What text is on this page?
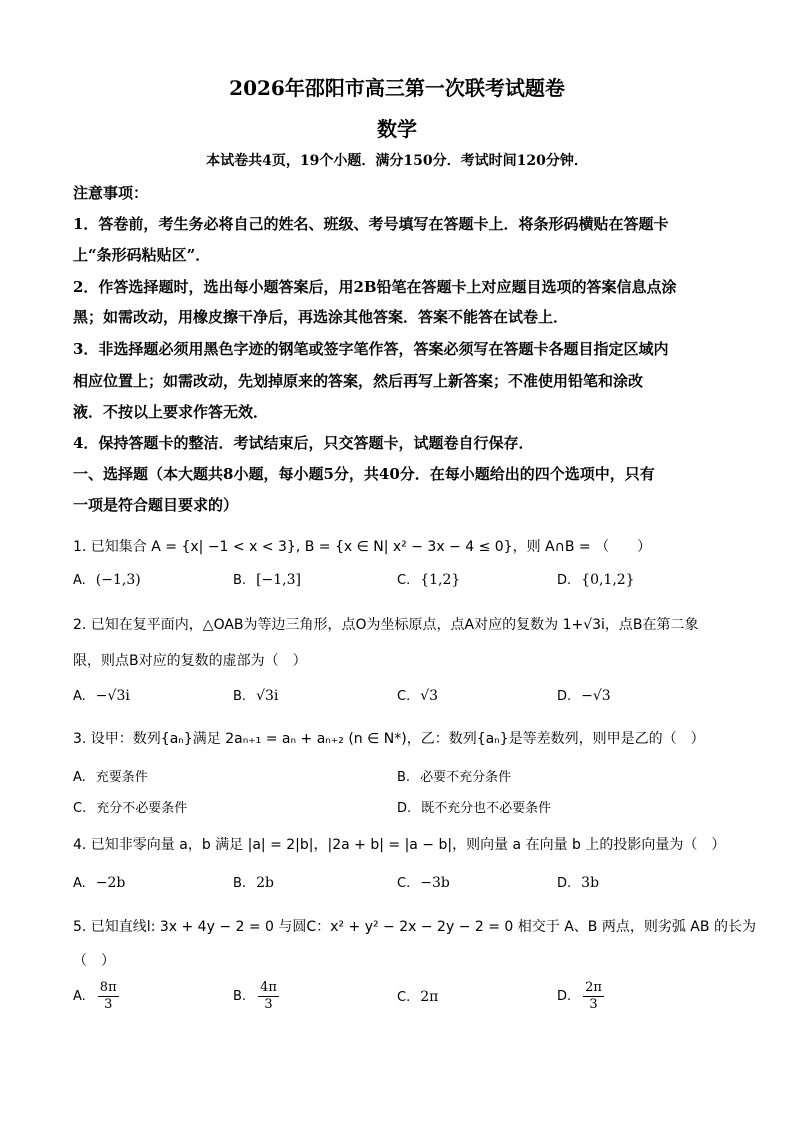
2026年邵阳市高三第一次联考试题卷
数学
本试卷共4页，19个小题．满分150分．考试时间120分钟．
注意事项：
1．答卷前，考生务必将自己的姓名、班级、考号填写在答题卡上．将条形码横贴在答题卡
上“条形码粘贴区”．
2．作答选择题时，选出每小题答案后，用2B铅笔在答题卡上对应题目选项的答案信息点涂
黑；如需改动，用橡皮擦干净后，再选涂其他答案．答案不能答在试卷上．
3．非选择题必须用黑色字迹的钢笔或签字笔作答，答案必须写在答题卡各题目指定区域内
相应位置上；如需改动，先划掉原来的答案，然后再写上新答案；不准使用铅笔和涂改
液．不按以上要求作答无效．
4．保持答题卡的整洁．考试结束后，只交答题卡，试题卷自行保存．
一、选择题（本大题共8小题，每小题5分，共40分．在每小题给出的四个选项中，只有
一项是符合题目要求的）
1. 已知集合 A = {x| −1 < x < 3}, B = {x ∈ N| x² − 3x − 4 ≤ 0}，则 A∩B = （　　）
A. (−1,3)	B. [−1,3]	C. {1,2}	D. {0,1,2}
2. 已知在复平面内，△OAB为等边三角形，点O为坐标原点，点A对应的复数为 1+√3i，点B在第二象
限，则点B对应的复数的虚部为（　）
A. −√3i	B. √3i	C. √3	D. −√3
3. 设甲：数列{aₙ}满足 2aₙ₊₁ = aₙ + aₙ₊₂ (n ∈ N*)，乙：数列{aₙ}是等差数列，则甲是乙的（　）
A. 充要条件	B. 必要不充分条件
C. 充分不必要条件	D. 既不充分也不必要条件
4. 已知非零向量 a，b 满足 |a| = 2|b|，|2a + b| = |a − b|，则向量 a 在向量 b 上的投影向量为（　）
A. −2b	B. 2b	C. −3b	D. 3b
5. 已知直线l: 3x + 4y − 2 = 0 与圆C：x² + y² − 2x − 2y − 2 = 0 相交于 A、B 两点，则劣弧 AB 的长为
（　）
A. $\frac{8\pi}{3}$	B. $\frac{4\pi}{3}$	C. 2π	D. $\frac{2\pi}{3}$
